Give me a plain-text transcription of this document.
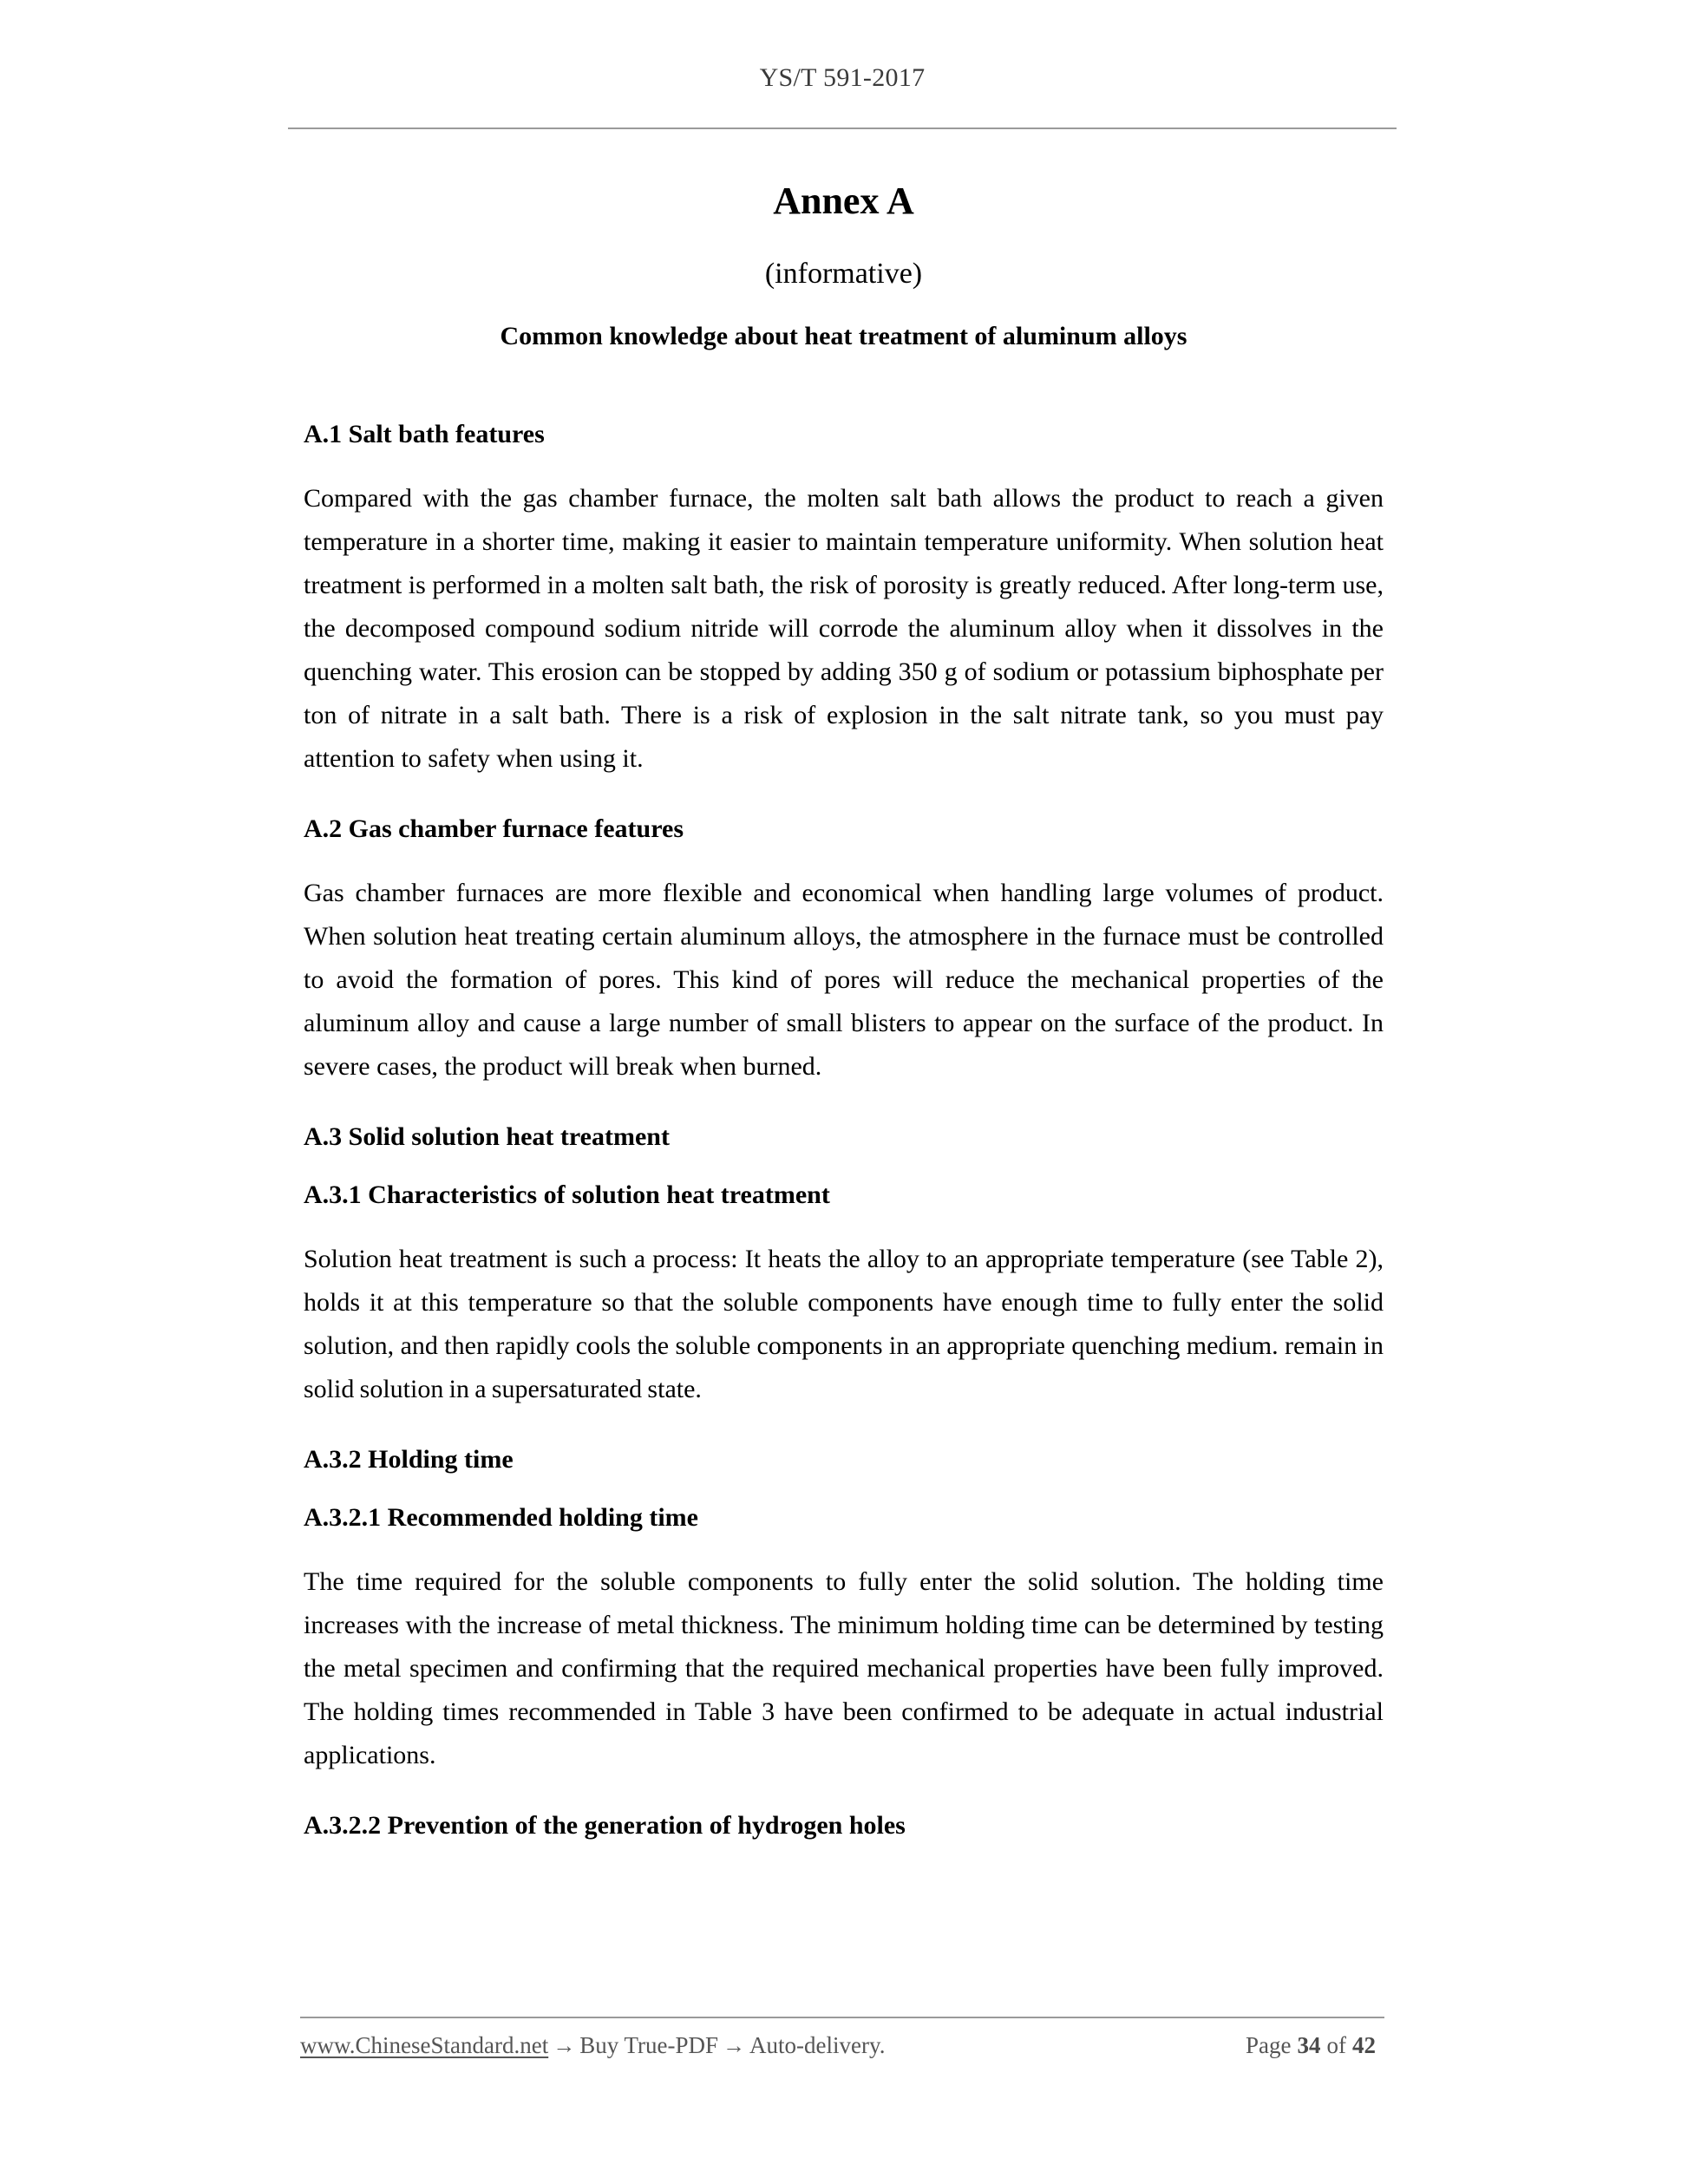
YS/T 591-2017
Annex A
(informative)
Common knowledge about heat treatment of aluminum alloys
A.1 Salt bath features

Compared with the gas chamber furnace, the molten salt bath allows the product to reach a given temperature in a shorter time, making it easier to maintain temperature uniformity. When solution heat treatment is performed in a molten salt bath, the risk of porosity is greatly reduced. After long-term use, the decomposed compound sodium nitride will corrode the aluminum alloy when it dissolves in the quenching water. This erosion can be stopped by adding 350 g of sodium or potassium biphosphate per ton of nitrate in a salt bath. There is a risk of explosion in the salt nitrate tank, so you must pay attention to safety when using it.

A.2 Gas chamber furnace features

Gas chamber furnaces are more flexible and economical when handling large volumes of product. When solution heat treating certain aluminum alloys, the atmosphere in the furnace must be controlled to avoid the formation of pores. This kind of pores will reduce the mechanical properties of the aluminum alloy and cause a large number of small blisters to appear on the surface of the product. In severe cases, the product will break when burned.

A.3 Solid solution heat treatment
A.3.1 Characteristics of solution heat treatment

Solution heat treatment is such a process: It heats the alloy to an appropriate temperature (see Table 2), holds it at this temperature so that the soluble components have enough time to fully enter the solid solution, and then rapidly cools the soluble components in an appropriate quenching medium. remain in solid solution in a supersaturated state.

A.3.2 Holding time
A.3.2.1 Recommended holding time

The time required for the soluble components to fully enter the solid solution. The holding time increases with the increase of metal thickness. The minimum holding time can be determined by testing the metal specimen and confirming that the required mechanical properties have been fully improved. The holding times recommended in Table 3 have been confirmed to be adequate in actual industrial applications.

A.3.2.2 Prevention of the generation of hydrogen holes
www.ChineseStandard.net → Buy True-PDF → Auto-delivery.	Page 34 of 42
